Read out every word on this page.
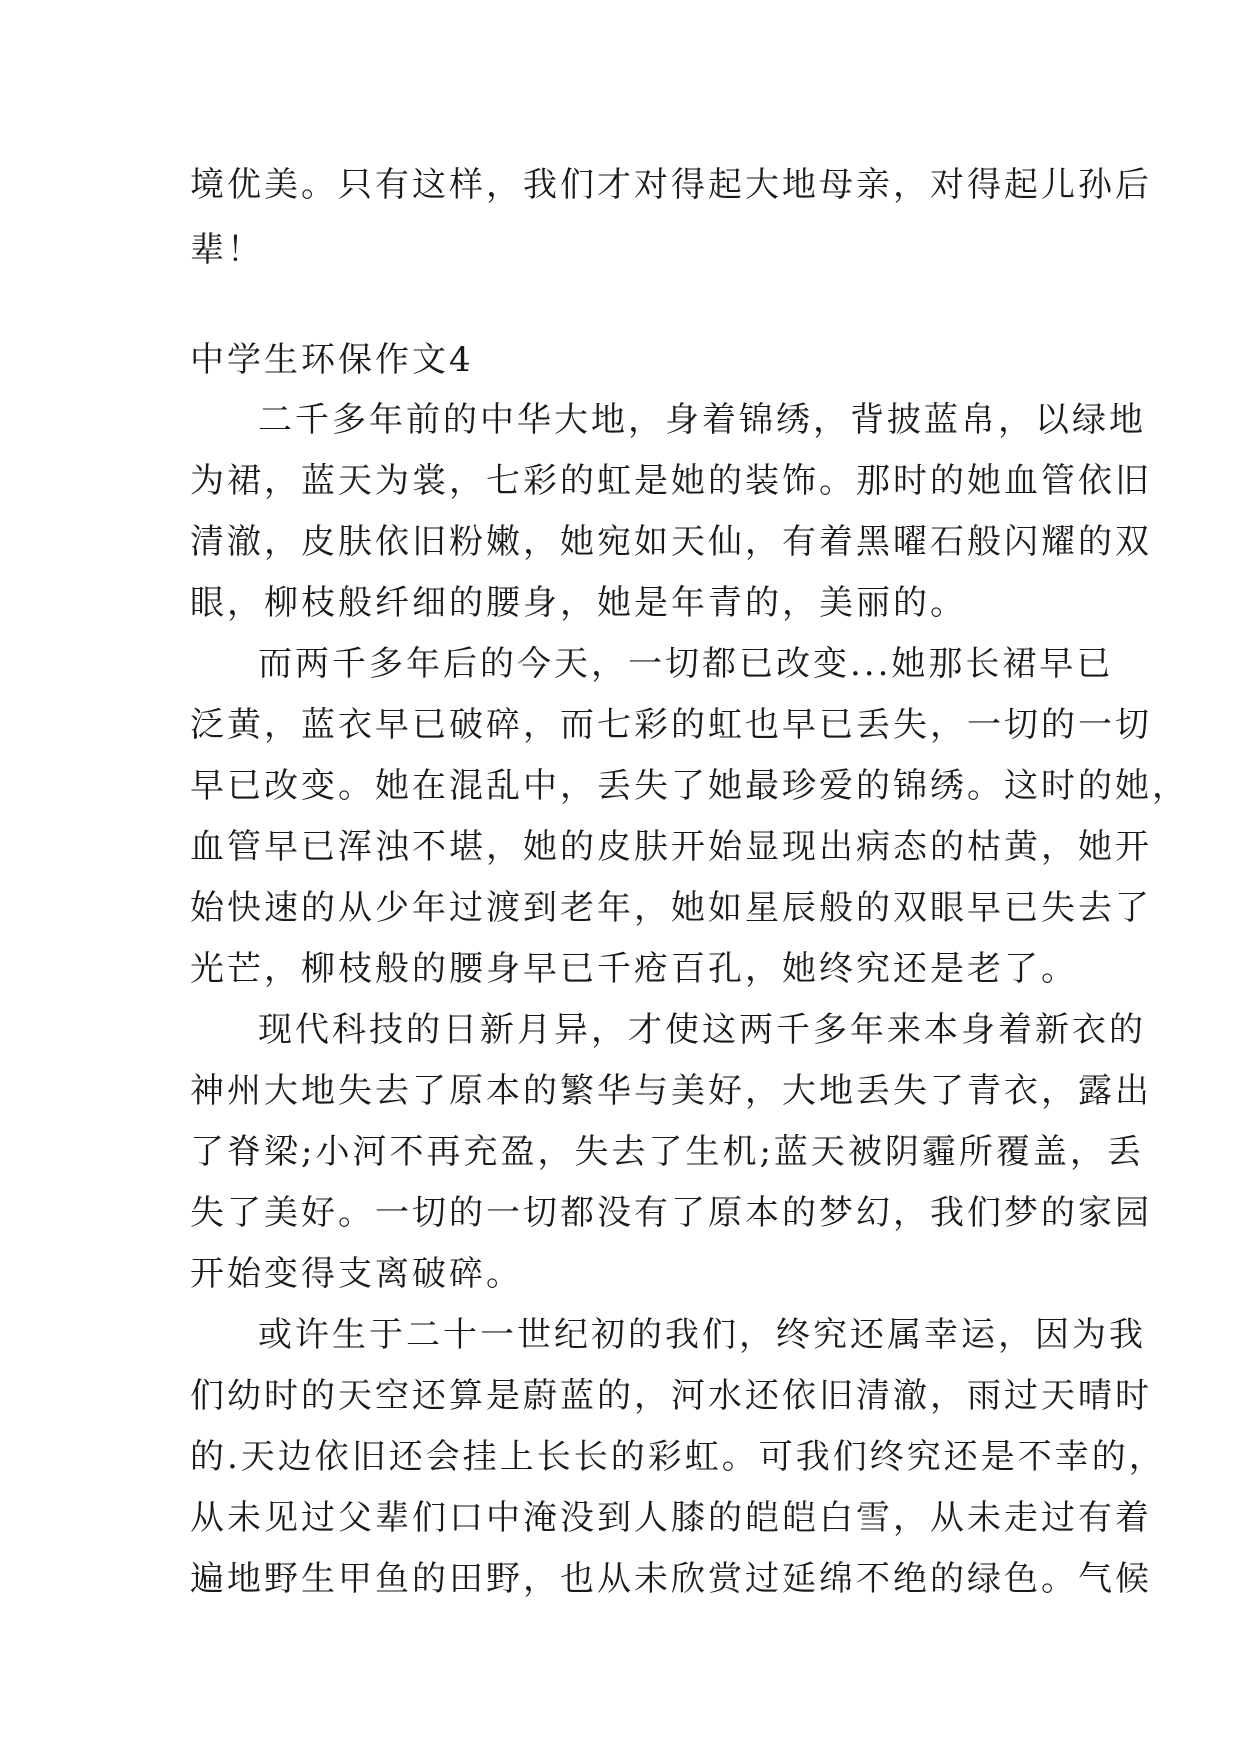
境优美。只有这样，我们才对得起大地母亲，对得起儿孙后
辈！
中学生环保作文4
二千多年前的中华大地，身着锦绣，背披蓝帛，以绿地
为裙，蓝天为裳，七彩的虹是她的装饰。那时的她血管依旧
清澈，皮肤依旧粉嫩，她宛如天仙，有着黑曜石般闪耀的双
眼，柳枝般纤细的腰身，她是年青的，美丽的。
而两千多年后的今天，一切都已改变...她那长裙早已
泛黄，蓝衣早已破碎，而七彩的虹也早已丢失，一切的一切
早已改变。她在混乱中，丢失了她最珍爱的锦绣。这时的她，
血管早已浑浊不堪，她的皮肤开始显现出病态的枯黄，她开
始快速的从少年过渡到老年，她如星辰般的双眼早已失去了
光芒，柳枝般的腰身早已千疮百孔，她终究还是老了。
现代科技的日新月异，才使这两千多年来本身着新衣的
神州大地失去了原本的繁华与美好，大地丢失了青衣，露出
了脊梁;小河不再充盈，失去了生机;蓝天被阴霾所覆盖，丢
失了美好。一切的一切都没有了原本的梦幻，我们梦的家园
开始变得支离破碎。
或许生于二十一世纪初的我们，终究还属幸运，因为我
们幼时的天空还算是蔚蓝的，河水还依旧清澈，雨过天晴时
的.天边依旧还会挂上长长的彩虹。可我们终究还是不幸的，
从未见过父辈们口中淹没到人膝的皑皑白雪，从未走过有着
遍地野生甲鱼的田野，也从未欣赏过延绵不绝的绿色。气候
